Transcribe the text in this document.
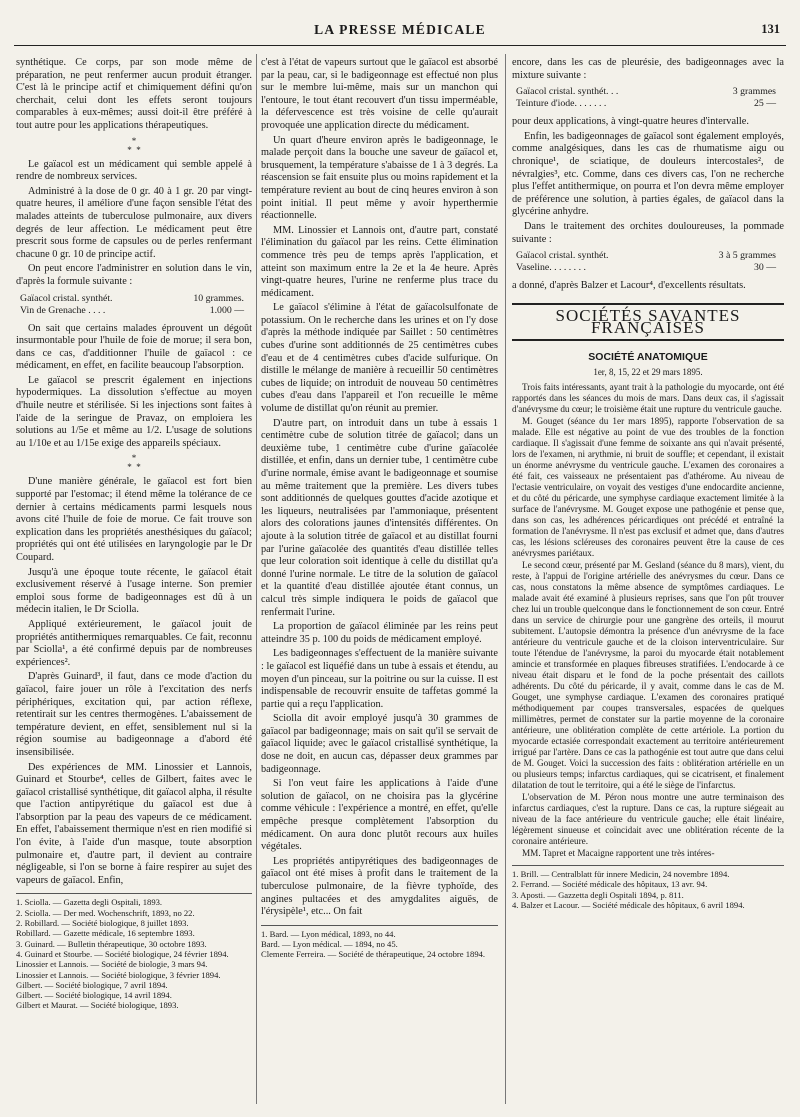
LA PRESSE MÉDICALE	131

synthétique. Ce corps, par son mode même de préparation, ne peut renfermer aucun produit étranger. C'est là le principe actif et chimiquement défini qu'on cherchait, celui dont les effets seront toujours comparables à eux-mêmes; aussi doit-il être préféré à tout autre pour les applications thérapeutiques.

*
*  *

Le gaïacol est un médicament qui semble appelé à rendre de nombreux services.

Administré à la dose de 0 gr. 40 à 1 gr. 20 par vingt-quatre heures, il améliore d'une façon sensible l'état des malades atteints de tuberculose pulmonaire, aux divers degrés de leur affection. Le médicament peut être prescrit sous forme de capsules ou de perles renfermant chacune 0 gr. 10 de principe actif.

On peut encore l'administrer en solution dans le vin, d'après la formule suivante :

Gaïacol cristal. synthét.	10 grammes.
Vin de Grenache . . . .	1.000 —

On sait que certains malades éprouvent un dégoût insurmontable pour l'huile de foie de morue; il sera bon, dans ce cas, d'additionner l'huile de gaïacol : ce médicament, en effet, en facilite beaucoup l'absorption.

Le gaïacol se prescrit également en injections hypodermiques. La dissolution s'effectue au moyen d'huile neutre et stérilisée. Si les injections sont faites à l'aide de la seringue de Pravaz, on emploiera les solutions au 1/5e et même au 1/2. L'usage de solutions au 1/10e et au 1/15e exige des appareils spéciaux.

*
*  *

D'une manière générale, le gaïacol est fort bien supporté par l'estomac; il étend même la tolérance de ce dernier à certains médicaments parmi lesquels nous avons cité l'huile de foie de morue. Ce fait trouve son explication dans les propriétés anesthésiques du gaïacol; propriétés qui ont été utilisées en laryngologie par le Dr Coupard.

Jusqu'à une époque toute récente, le gaïacol était exclusivement réservé à l'usage interne. Son premier emploi sous forme de badigeonnages est dû à un médecin italien, le Dr Sciolla.

Appliqué extérieurement, le gaïacol jouit de propriétés antithermiques remarquables. Ce fait, reconnu par Sciolla¹, a été confirmé depuis par de nombreuses expériences².

D'après Guinard³, il faut, dans ce mode d'action du gaïacol, faire jouer un rôle à l'excitation des nerfs périphériques, excitation qui, par action réflexe, retentirait sur les centres thermogènes. L'abaissement de température devient, en effet, sensiblement nul si la région soumise au badigeonnage a d'abord été insensibilisée.

Des expériences de MM. Linossier et Lannois, Guinard et Stourbe⁴, celles de Gilbert, faites avec le gaïacol cristallisé synthétique, dit gaïacol alpha, il résulte que l'action antipyrétique du gaïacol est due à l'absorption par la peau des vapeurs de ce médicament. En effet, l'abaissement thermique n'est en rien modifié si l'on évite, à l'aide d'un masque, toute absorption pulmonaire et, d'autre part, il devient au contraire négligeable, si l'on se borne à faire respirer au sujet des vapeurs de gaïacol. Enfin,

1. Sciolla. — Gazetta degli Ospitali, 1893.
2. Sciolla. — Der med. Wochenschrift, 1893, no 22.
2. Robillard. — Société biologique, 8 juillet 1893.
Robillard. — Gazette médicale, 16 septembre 1893.
3. Guinard. — Bulletin thérapeutique, 30 octobre 1893.
4. Guinard et Stourbe. — Société biologique, 24 février 1894.
Linossier et Lannois. — Société de biologie, 3 mars 94.
Linossier et Lannois. — Société biologique, 3 février 1894.
Gilbert. — Société biologique, 7 avril 1894.
Gilbert. — Société biologique, 14 avril 1894.
Gilbert et Maurat. — Société biologique, 1893.

c'est à l'état de vapeurs surtout que le gaïacol est absorbé par la peau, car, si le badigeonnage est effectué non plus sur le membre lui-même, mais sur un manchon qui l'entoure, le tout étant recouvert d'un tissu imperméable, la défervescence est très voisine de celle qu'aurait provoquée une application directe du médicament.

Un quart d'heure environ après le badigeonnage, le malade perçoit dans la bouche une saveur de gaïacol et, brusquement, la température s'abaisse de 1 à 3 degrés. La réascension se fait ensuite plus ou moins rapidement et la température revient au bout de cinq heures environ à son point initial. Il peut même y avoir hyperthermie réactionnelle.

MM. Linossier et Lannois ont, d'autre part, constaté l'élimination du gaïacol par les reins. Cette élimination commence très peu de temps après l'application, et atteint son maximum entre la 2e et la 4e heure. Après vingt-quatre heures, l'urine ne renferme plus trace du médicament.

Le gaïacol s'élimine à l'état de gaïacolsulfonate de potassium. On le recherche dans les urines et on l'y dose d'après la méthode indiquée par Saillet : 50 centimètres cubes d'urine sont additionnés de 25 centimètres cubes d'eau et de 4 centimètres cubes d'acide sulfurique. On distille le mélange de manière à recueillir 50 centimètres cubes de liquide; on introduit de nouveau 50 centimètres cubes d'eau dans l'appareil et l'on recueille le même volume de distillat qu'on réunit au premier.

D'autre part, on introduit dans un tube à essais 1 centimètre cube de solution titrée de gaïacol; dans un deuxième tube, 1 centimètre cube d'urine gaïacolée distillée, et enfin, dans un dernier tube, 1 centimètre cube d'urine normale, émise avant le badigeonnage et soumise au même traitement que la première. Les divers tubes sont additionnés de quelques gouttes d'acide azotique et les liqueurs, neutralisées par l'ammoniaque, présentent alors des colorations jaunes d'intensités différentes. On ajoute à la solution titrée de gaïacol et au distillat fourni par l'urine gaïacolée des quantités d'eau distillée telles que leur coloration soit identique à celle du distillat qu'a donné l'urine normale. Le titre de la solution de gaïacol et la quantité d'eau distillée ajoutée étant connus, un calcul très simple indiquera le poids de gaïacol que renfermait l'urine.

La proportion de gaïacol éliminée par les reins peut atteindre 35 p. 100 du poids de médicament employé.

Les badigeonnages s'effectuent de la manière suivante : le gaïacol est liquéfié dans un tube à essais et étendu, au moyen d'un pinceau, sur la poitrine ou sur la cuisse. Il est indispensable de recouvrir ensuite de taffetas gommé la partie qui a reçu l'application.

Sciolla dit avoir employé jusqu'à 30 grammes de gaïacol par badigeonnage; mais on sait qu'il se servait de gaïacol liquide; avec le gaïacol cristallisé synthétique, la dose ne doit, en aucun cas, dépasser deux grammes par badigeonnage.

Si l'on veut faire les applications à l'aide d'une solution de gaïacol, on ne choisira pas la glycérine comme véhicule : l'expérience a montré, en effet, qu'elle empêche presque complètement l'absorption du médicament. On aura donc plutôt recours aux huiles végétales.

Les propriétés antipyrétiques des badigeonnages de gaïacol ont été mises à profit dans le traitement de la tuberculose pulmonaire, de la fièvre typhoïde, des angines pultacées et des amygdalites aiguës, de l'érysipèle¹, etc... On fait

1. Bard. — Lyon médical, 1893, no 44.
Bard. — Lyon médical. — 1894, no 45.
Clemente Ferreira. — Société de thérapeutique, 24 octobre 1894.

encore, dans les cas de pleurésie, des badigeonnages avec la mixture suivante :

Gaïacol cristal. synthét. . .	3 grammes
Teinture d'iode. . . . . . .	25 —

pour deux applications, à vingt-quatre heures d'intervalle.

Enfin, les badigeonnages de gaïacol sont également employés, comme analgésiques, dans les cas de rhumatisme aigu ou chronique¹, de sciatique, de douleurs intercostales², de névralgies³, etc. Comme, dans ces divers cas, l'on ne recherche plus l'effet antithermique, on pourra et l'on devra même employer de préférence une solution, à parties égales, de gaïacol dans la glycérine anhydre.

Dans le traitement des orchites douloureuses, la pommade suivante :

Gaïacol cristal. synthét.	3 à 5 grammes
Vaseline. . . . . . . .	30 —

a donné, d'après Balzer et Lacour⁴, d'excellents résultats.

SOCIÉTÉS SAVANTES FRANÇAISES
SOCIÉTÉ ANATOMIQUE
1er, 8, 15, 22 et 29 mars 1895.

Trois faits intéressants, ayant trait à la pathologie du myocarde, ont été rapportés dans les séances du mois de mars. Dans deux cas, il s'agissait d'anévrysme du cœur; le troisième était une rupture du ventricule gauche.

M. Gouget (séance du 1er mars 1895), rapporte l'observation de sa malade. Elle est négative au point de vue des troubles de la fonction cardiaque. Il s'agissait d'une femme de soixante ans qui n'avait présenté, lors de l'examen, ni arythmie, ni bruit de souffle; et cependant, il existait un énorme anévrysme du ventricule gauche. L'examen des coronaires a été fait, ces vaisseaux ne présentaient pas d'athérome. Au niveau de l'ectasie ventriculaire, on voyait des vestiges d'une endocardite ancienne, et du côté du péricarde, une symphyse cardiaque exactement limitée à la surface de l'anévrysme. M. Gouget expose une pathogénie et pense que, dans son cas, les adhérences péricardiques ont précédé et entraîné la formation de l'anévrysme. Il n'est pas exclusif et admet que, dans d'autres cas, les lésions scléreuses des coronaires peuvent être la cause de ces anévrysmes pariétaux.

Le second cœur, présenté par M. Gesland (séance du 8 mars), vient, du reste, à l'appui de l'origine artérielle des anévrysmes du cœur. Dans ce cas, nous constatons la même absence de symptômes cardiaques. Le malade avait été examiné à plusieurs reprises, sans que l'on pût trouver chez lui un trouble quelconque dans le fonctionnement de son cœur. Entré dans un service de chirurgie pour une gangrène des orteils, il mourut subitement. L'autopsie démontra la présence d'un anévrysme de la face antérieure du ventricule gauche et de la cloison interventriculaire. Sur toute l'étendue de l'anévrysme, la paroi du myocarde était notablement amincie et transformée en plaques fibreuses stratifiées. L'endocarde à ce niveau était disparu et le fond de la poche présentait des caillots adhérents. Du côté du péricarde, il y avait, comme dans le cas de M. Gouget, une symphyse cardiaque. L'examen des coronaires pratiqué méthodiquement par coupes transversales, espacées de quelques millimètres, permet de constater sur la partie moyenne de la coronaire antérieure, une oblitération complète de cette artériole. La portion du myocarde ectasiée correspondait exactement au territoire antérieurement irrigué par l'artère. Dans ce cas la pathogénie est tout autre que dans celui de M. Gouget. Voici la succession des faits : oblitération artérielle en un ou plusieurs temps; infarctus cardiaques, qui se cicatrisent, et finalement dilatation de tout le territoire, qui a été le siège de l'infarctus.

L'observation de M. Péron nous montre une autre terminaison des infarctus cardiaques, c'est la rupture. Dans ce cas, la rupture siégeait au niveau de la face antérieure du ventricule gauche; elle était linéaire, légèrement sinueuse et coïncidait avec une oblitération récente de la coronaire antérieure.

MM. Tapret et Macaigne rapportent une très intéres-

1. Brill. — Centralblatt für innere Medicin, 24 novembre 1894.
2. Ferrand. — Société médicale des hôpitaux, 13 avr. 94.
3. Aposti. — Gazzetta degli Ospitali 1894, p. 811.
4. Balzer et Lacour. — Société médicale des hôpitaux, 6 avril 1894.
